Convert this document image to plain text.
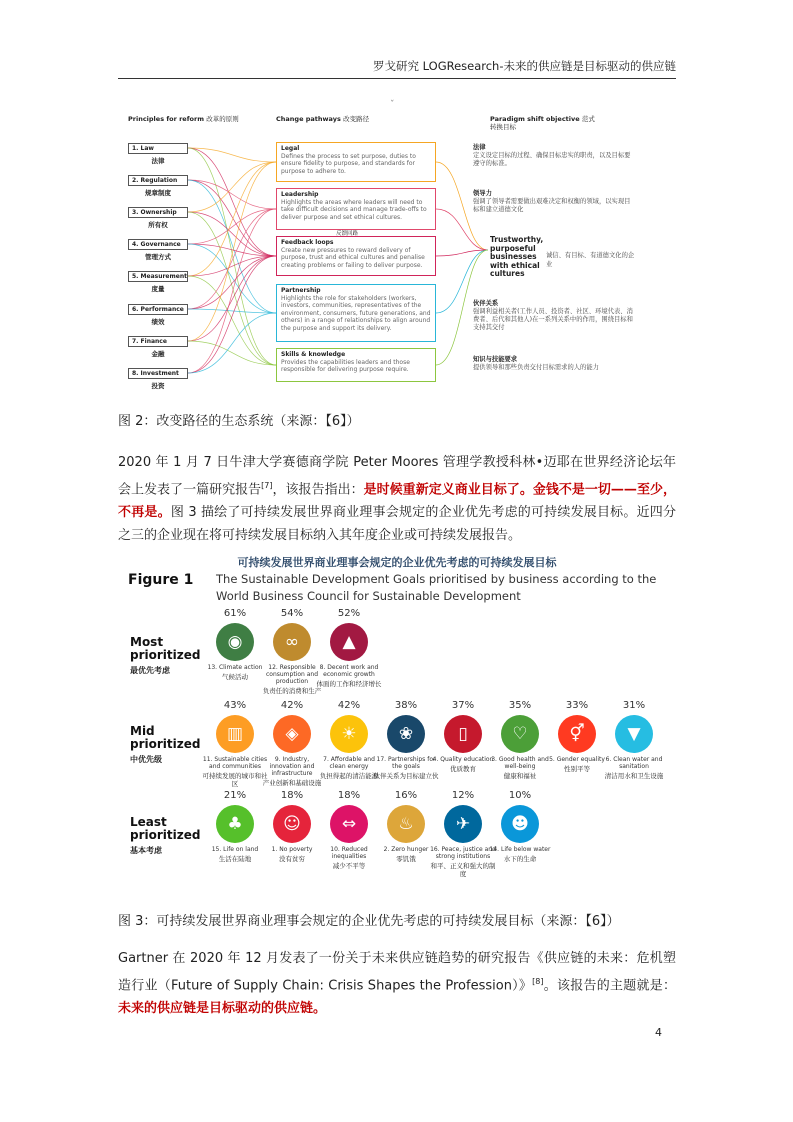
罗戈研究 LOGResearch-未来的供应链是目标驱动的供应链
ˇ
Principles for reform 改革的原则	Change pathways 改变路径	Paradigm shift objective 范式转换目标
1. Law
法律
2. Regulation
规章制度
3. Ownership
所有权
4. Governance
管理方式
5. Measurement
度量
6. Performance
绩效
7. Finance
金融
8. Investment
投资
Legal
Defines the process to set purpose, duties to ensure fidelity to purpose, and standards for purpose to adhere to.
Leadership
Highlights the areas where leaders will need to take difficult decisions and manage trade-offs to deliver purpose and set ethical cultures.
Feedback loops
Create new pressures to reward delivery of purpose, trust and ethical cultures and penalise creating problems or failing to deliver purpose.
Partnership
Highlights the role for stakeholders (workers, investors, communities, representatives of the environment, consumers, future generations, and others) in a range of relationships to align around the purpose and support its delivery.
Skills & knowledge
Provides the capabilities leaders and those responsible for delivering purpose require.
法律
定义设定目标的过程、确保目标忠实的职责，以及目标要遵守的标准。
领导力
强调了领导者需要做出艰难决定和权衡的领域，以实现目标和建立道德文化
伙伴关系
强调利益相关者(工作人员、投资者、社区、环境代表、消费者、后代和其他人)在一系列关系中的作用，围绕目标和支持其交付
知识与技能要求
提供领导和那些负责交付目标需求的人的能力
反馈回路
Trustworthy, purposeful businesses with ethical cultures
诚信、有目标、有道德文化的企业
图 2：改变路径的生态系统（来源：【6】）
2020 年 1 月 7 日牛津大学赛德商学院 Peter Moores 管理学教授科林•迈耶在世界经济论坛年会上发表了一篇研究报告[7]，该报告指出：是时候重新定义商业目标了。金钱不是一切——至少，不再是。图 3 描绘了可持续发展世界商业理事会规定的企业优先考虑的可持续发展目标。近四分之三的企业现在将可持续发展目标纳入其年度企业或可持续发展报告。
可持续发展世界商业理事会规定的企业优先考虑的可持续发展目标
Figure 1 The Sustainable Development Goals prioritised by business according to the World Business Council for Sustainable Development
Most prioritized
最优先考虑
61%
◉
13. Climate action
气候活动
54%
∞
12. Responsible consumption and production
负责任的消费和生产
52%
▲
8. Decent work and economic growth
体面的工作和经济增长
Mid prioritized
中优先级
43%
▥
11. Sustainable cities and communities
可持续发展的城市和社区
42%
◈
9. Industry, innovation and infrastructure
产业创新和基础设施
42%
☀
7. Affordable and clean energy
负担得起的清洁能源
38%
❀
17. Partnerships for the goals
伙伴关系为目标建立伙
37%
▯
4. Quality education
优质教育
35%
♡
3. Good health and well-being
健康和福祉
33%
⚥
5. Gender equality
性别平等
31%
▼
6. Clean water and sanitation
清洁用水和卫生设施
Least prioritized
基本考虑
21%
♣
15. Life on land
生活在陆地
18%
☺
1. No poverty
没有贫穷
18%
⇔
10. Reduced inequalities
减少不平等
16%
♨
2. Zero hunger
零饥饿
12%
✈
16. Peace, justice and strong institutions
和平、正义和强大的制度
10%
☻
14. Life below water
水下的生命
图 3：可持续发展世界商业理事会规定的企业优先考虑的可持续发展目标（来源：【6】）
Gartner 在 2020 年 12 月发表了一份关于未来供应链趋势的研究报告《供应链的未来：危机塑造行业（Future of Supply Chain: Crisis Shapes the Profession）》[8]。该报告的主题就是：未来的供应链是目标驱动的供应链。
4
